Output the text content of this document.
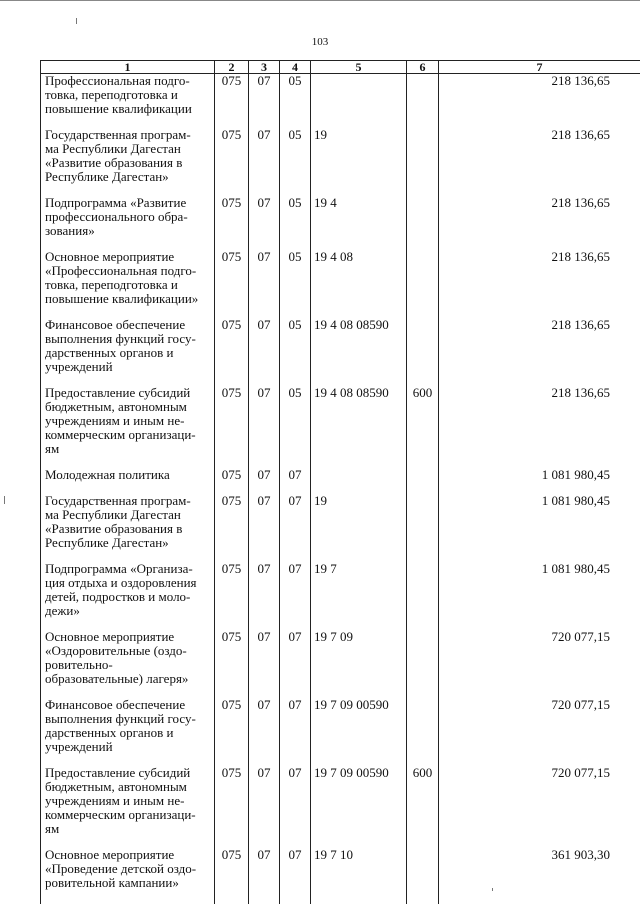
103
1	2	3	4	5	6	7

Профессиональная подго-
товка, переподготовка и
повышение квалификации	075	07	05			218 136,65

Государственная програм-
ма Республики Дагестан
«Развитие образования в
Республике Дагестан»	075	07	05	19		218 136,65

Подпрограмма «Развитие
профессионального обра-
зования»	075	07	05	19 4		218 136,65

Основное мероприятие
«Профессиональная подго-
товка, переподготовка и
повышение квалификации»	075	07	05	19 4 08		218 136,65

Финансовое обеспечение
выполнения функций госу-
дарственных органов и
учреждений	075	07	05	19 4 08 08590		218 136,65

Предоставление субсидий
бюджетным, автономным
учреждениям и иным не-
коммерческим организаци-
ям	075	07	05	19 4 08 08590	600	218 136,65

Молодежная политика	075	07	07			1 081 980,45

Государственная програм-
ма Республики Дагестан
«Развитие образования в
Республике Дагестан»	075	07	07	19		1 081 980,45

Подпрограмма «Организа-
ция отдыха и оздоровления
детей, подростков и моло-
дежи»	075	07	07	19 7		1 081 980,45

Основное мероприятие
«Оздоровительные (оздо-
ровительно-
образовательные) лагеря»	075	07	07	19 7 09		720 077,15

Финансовое обеспечение
выполнения функций госу-
дарственных органов и
учреждений	075	07	07	19 7 09 00590		720 077,15

Предоставление субсидий
бюджетным, автономным
учреждениям и иным не-
коммерческим организаци-
ям	075	07	07	19 7 09 00590	600	720 077,15

Основное мероприятие
«Проведение детской оздо-
ровительной кампании»	075	07	07	19 7 10		361 903,30
